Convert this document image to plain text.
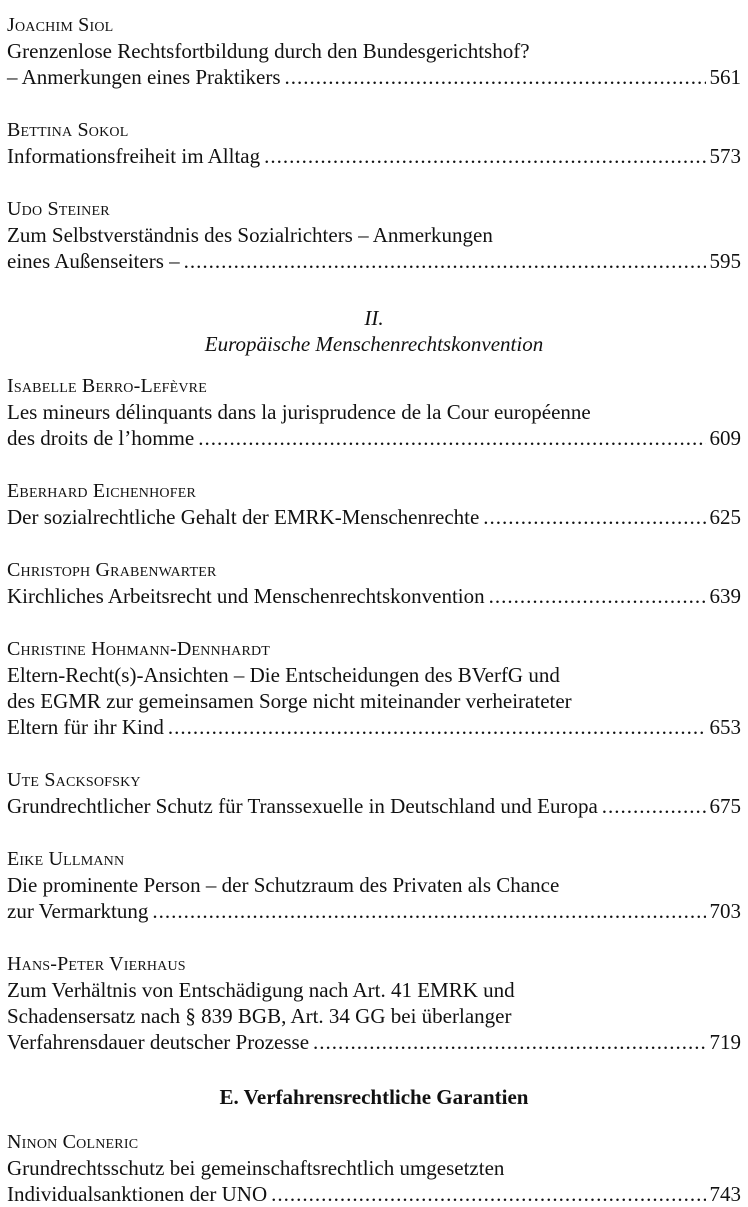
Joachim Siol
Grenzenlose Rechtsfortbildung durch den Bundesgerichtshof?
– Anmerkungen eines Praktikers .....	561
Bettina Sokol
Informationsfreiheit im Alltag .....	573
Udo Steiner
Zum Selbstverständnis des Sozialrichters – Anmerkungen
eines Außenseiters – .....	595
II.
Europäische Menschenrechtskonvention
Isabelle Berro-Lefèvre
Les mineurs délinquants dans la jurisprudence de la Cour européenne
des droits de l’homme .....	609
Eberhard Eichenhofer
Der sozialrechtliche Gehalt der EMRK-Menschenrechte .....	625
Christoph Grabenwarter
Kirchliches Arbeitsrecht und Menschenrechtskonvention .....	639
Christine Hohmann-Dennhardt
Eltern-Recht(s)-Ansichten – Die Entscheidungen des BVerfG und
des EGMR zur gemeinsamen Sorge nicht miteinander verheirateter
Eltern für ihr Kind .....	653
Ute Sacksofsky
Grundrechtlicher Schutz für Transsexuelle in Deutschland und Europa .....	675
Eike Ullmann
Die prominente Person – der Schutzraum des Privaten als Chance
zur Vermarktung .....	703
Hans-Peter Vierhaus
Zum Verhältnis von Entschädigung nach Art. 41 EMRK und
Schadensersatz nach § 839 BGB, Art. 34 GG bei überlanger
Verfahrensdauer deutscher Prozesse .....	719
E. Verfahrensrechtliche Garantien
Ninon Colneric
Grundrechtsschutz bei gemeinschaftsrechtlich umgesetzten
Individualsanktionen der UNO .....	743
